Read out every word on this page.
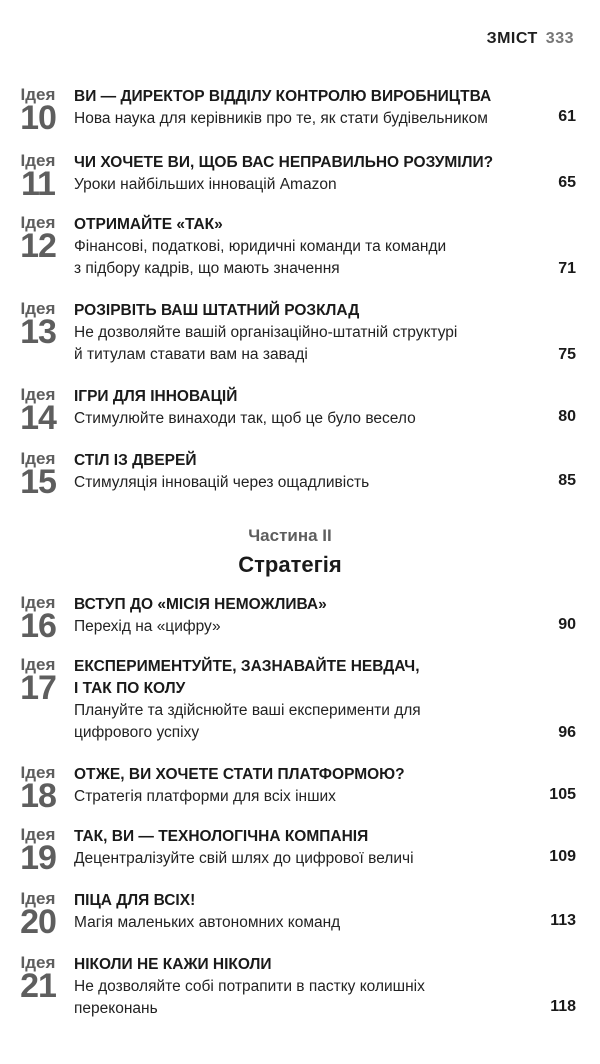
ЗМІСТ 333
Ідея
10
ВИ — ДИРЕКТОР ВІДДІЛУ КОНТРОЛЮ ВИРОБНИЦТВА
Нова наука для керівників про те, як стати будівельником	61
Ідея
11
ЧИ ХОЧЕТЕ ВИ, ЩОБ ВАС НЕПРАВИЛЬНО РОЗУМІЛИ?
Уроки найбільших інновацій Amazon	65
Ідея
12
ОТРИМАЙТЕ «ТАК»
Фінансові, податкові, юридичні команди та команди
з підбору кадрів, що мають значення	71
Ідея
13
РОЗІРВІТЬ ВАШ ШТАТНИЙ РОЗКЛАД
Не дозволяйте вашій організаційно-штатній структурі
й титулам ставати вам на заваді	75
Ідея
14
ІГРИ ДЛЯ ІННОВАЦІЙ
Стимулюйте винаходи так, щоб це було весело	80
Ідея
15
СТІЛ ІЗ ДВЕРЕЙ
Стимуляція інновацій через ощадливість	85
Частина II
Стратегія
Ідея
16
ВСТУП ДО «МІСІЯ НЕМОЖЛИВА»
Перехід на «цифру»	90
Ідея
17
ЕКСПЕРИМЕНТУЙТЕ, ЗАЗНАВАЙТЕ НЕВДАЧ,
І ТАК ПО КОЛУ
Плануйте та здійснюйте ваші експерименти для
цифрового успіху	96
Ідея
18
ОТЖЕ, ВИ ХОЧЕТЕ СТАТИ ПЛАТФОРМОЮ?
Стратегія платформи для всіх інших	105
Ідея
19
ТАК, ВИ — ТЕХНОЛОГІЧНА КОМПАНІЯ
Децентралізуйте свій шлях до цифрової величі	109
Ідея
20
ПІЦА ДЛЯ ВСІХ!
Магія маленьких автономних команд	113
Ідея
21
НІКОЛИ НЕ КАЖИ НІКОЛИ
Не дозволяйте собі потрапити в пастку колишніх
переконань	118
